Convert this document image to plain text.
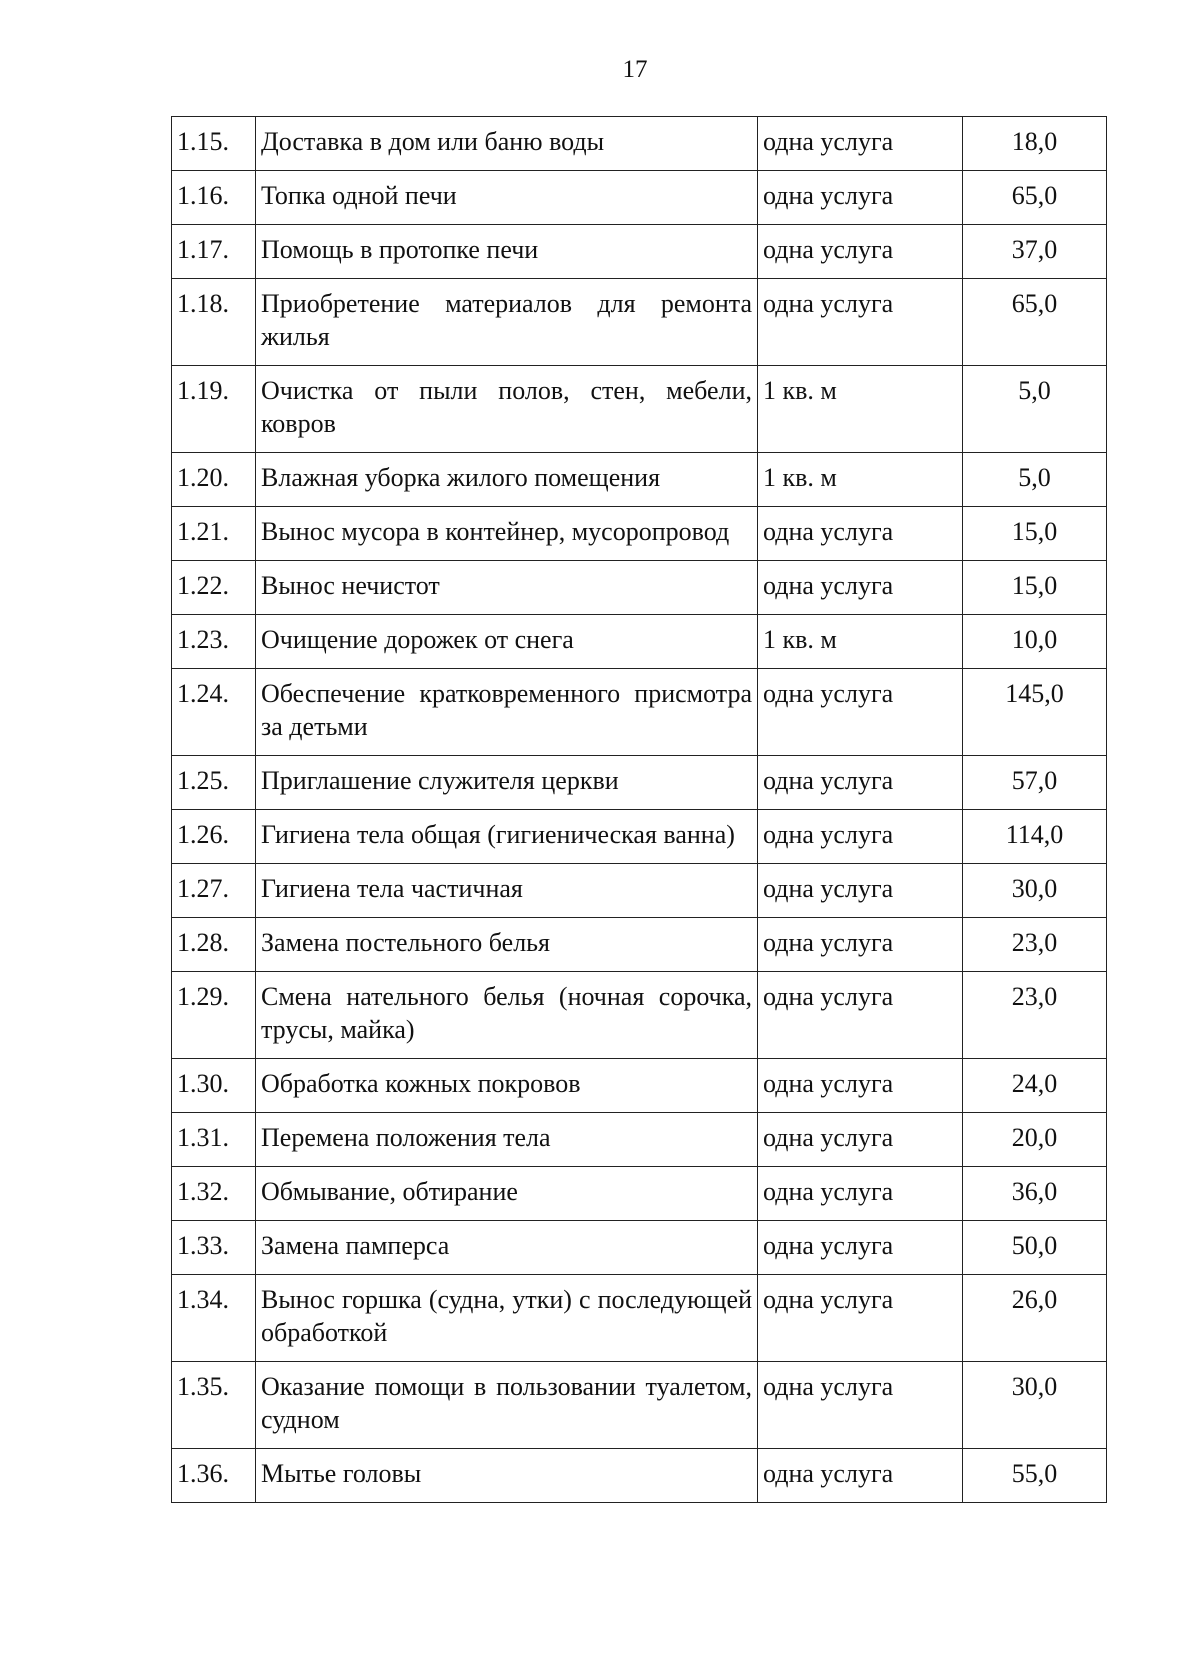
17
1.15.	Доставка в дом или баню воды	одна услуга	18,0
1.16.	Топка одной печи	одна услуга	65,0
1.17.	Помощь в протопке печи	одна услуга	37,0
1.18.	Приобретение материалов для ремонта жилья	одна услуга	65,0
1.19.	Очистка от пыли полов, стен, мебели, ковров	1 кв. м	5,0
1.20.	Влажная уборка жилого помещения	1 кв. м	5,0
1.21.	Вынос мусора в контейнер, мусоропровод	одна услуга	15,0
1.22.	Вынос нечистот	одна услуга	15,0
1.23.	Очищение дорожек от снега	1 кв. м	10,0
1.24.	Обеспечение кратковременного присмотра за детьми	одна услуга	145,0
1.25.	Приглашение служителя церкви	одна услуга	57,0
1.26.	Гигиена тела общая (гигиеническая ванна)	одна услуга	114,0
1.27.	Гигиена тела частичная	одна услуга	30,0
1.28.	Замена постельного белья	одна услуга	23,0
1.29.	Смена нательного белья (ночная сорочка, трусы, майка)	одна услуга	23,0
1.30.	Обработка кожных покровов	одна услуга	24,0
1.31.	Перемена положения тела	одна услуга	20,0
1.32.	Обмывание, обтирание	одна услуга	36,0
1.33.	Замена памперса	одна услуга	50,0
1.34.	Вынос горшка (судна, утки) с последующей обработкой	одна услуга	26,0
1.35.	Оказание помощи в пользовании туалетом, судном	одна услуга	30,0
1.36.	Мытье головы	одна услуга	55,0
